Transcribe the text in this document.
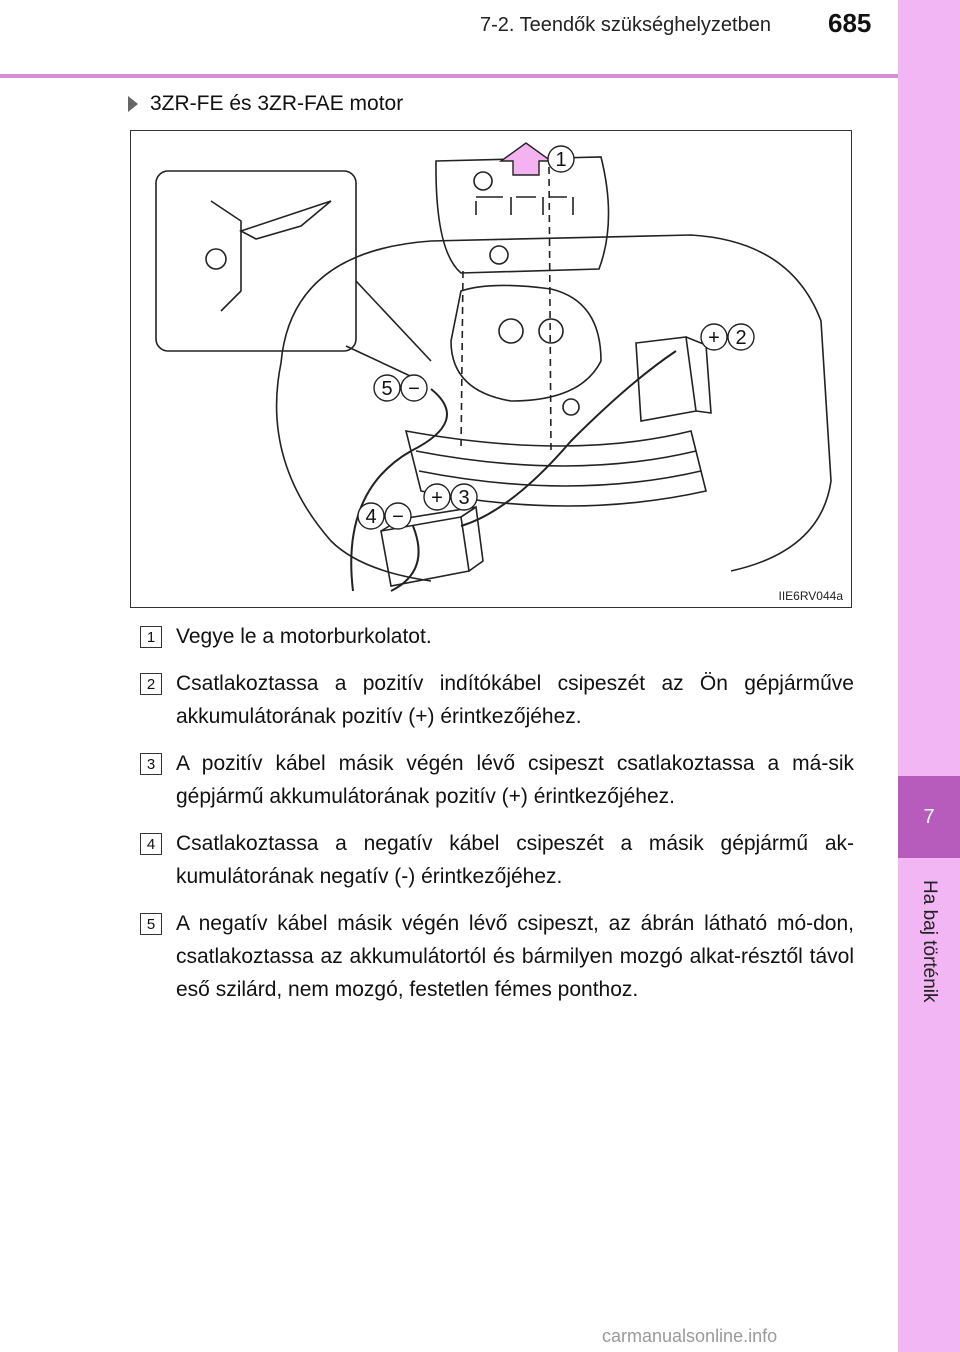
7-2. Teendők szükséghelyzetben 685
7
Ha baj történik
3ZR-FE és 3ZR-FAE motor
1
+ 2
+ 3
4 −
5 −
IIE6RV044a
1 Vegye le a motorburkolatot.
2 Csatlakoztassa a pozitív indítókábel csipeszét az Ön gépjárműve akkumulátorának pozitív (+) érintkezőjéhez.
3 A pozitív kábel másik végén lévő csipeszt csatlakoztassa a má-sik gépjármű akkumulátorának pozitív (+) érintkezőjéhez.
4 Csatlakoztassa a negatív kábel csipeszét a másik gépjármű ak-kumulátorának negatív (-) érintkezőjéhez.
5 A negatív kábel másik végén lévő csipeszt, az ábrán látható mó-don, csatlakoztassa az akkumulátortól és bármilyen mozgó alkat-résztől távol eső szilárd, nem mozgó, festetlen fémes ponthoz.
carmanualsonline.info
